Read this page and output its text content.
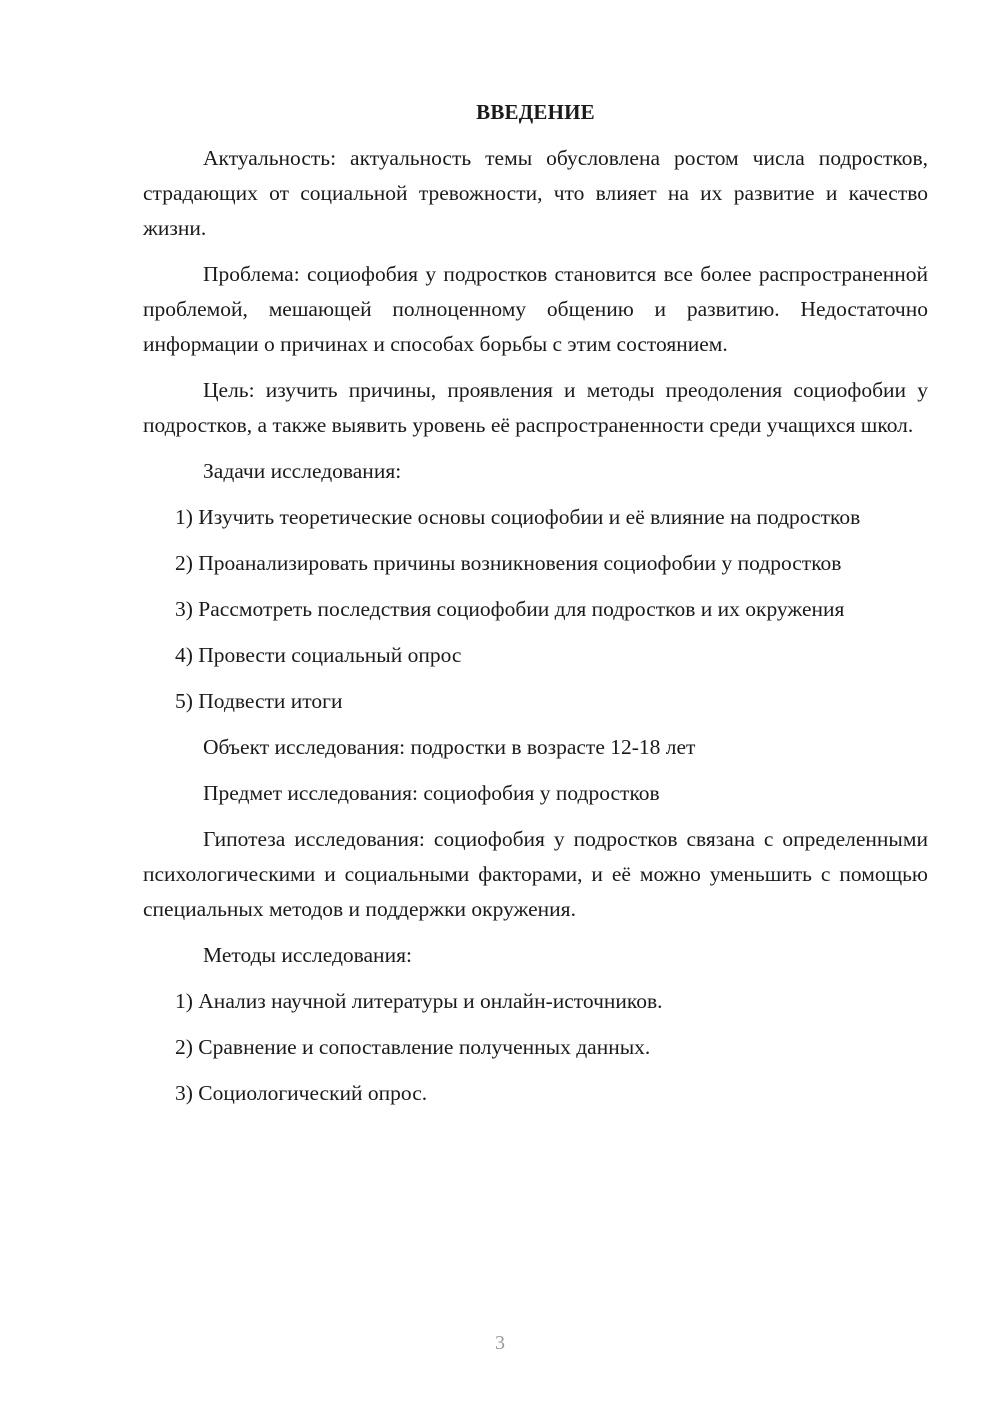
ВВЕДЕНИЕ

Актуальность: актуальность темы обусловлена ростом числа подростков, страдающих от социальной тревожности, что влияет на их развитие и качество жизни.

Проблема: социофобия у подростков становится все более распространенной проблемой, мешающей полноценному общению и развитию. Недостаточно информации о причинах и способах борьбы с этим состоянием.

Цель: изучить причины, проявления и методы преодоления социофобии у подростков, а также выявить уровень её распространенности среди учащихся школ.

Задачи исследования:

1) Изучить теоретические основы социофобии и её влияние на подростков

2) Проанализировать причины возникновения социофобии у подростков

3) Рассмотреть последствия социофобии для подростков и их окружения

4) Провести социальный опрос

5) Подвести итоги

Объект исследования: подростки в возрасте 12-18 лет

Предмет исследования: социофобия у подростков

Гипотеза исследования: социофобия у подростков связана с определенными психологическими и социальными факторами, и её можно уменьшить с помощью специальных методов и поддержки окружения.

Методы исследования:

1) Анализ научной литературы и онлайн-источников.

2) Сравнение и сопоставление полученных данных.

3) Социологический опрос.

3
